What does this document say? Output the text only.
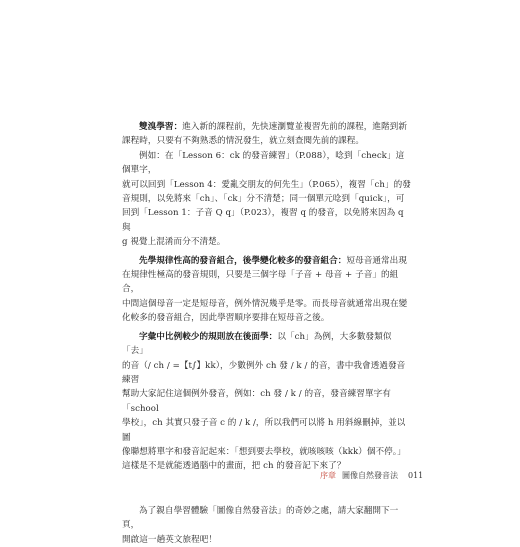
雙溴學習：進入新的課程前，先快速瀏覽並複習先前的課程，進階到新
課程時，只要有不夠熟悉的情況發生，就立刻查閱先前的課程。

例如：在「Lesson 6：ck 的發音練習」（P.088），唸到「check」這個單字，
就可以回到「Lesson 4：愛亂交朋友的何先生」（P.065），複習「ch」的發
音規則，以免將來「ch」、「ck」分不清楚；同一個單元唸到「quick」，可
回到「Lesson 1：子音 Q q」（P.023），複習 q 的發音，以免將來因為 q 與
g 視覺上混淆而分不清楚。

先學規律性高的發音組合，後學變化較多的發音組合：短母音通常出現
在規律性極高的發音規則，只要是三個字母「子音 + 母音 + 子音」的組合，
中間這個母音一定是短母音，例外情況幾乎是零。而長母音就通常出現在變
化較多的發音組合，因此學習順序要排在短母音之後。

字彙中比例較少的規則放在後面學：以「ch」為例，大多數發類似「去」
的音（/ ch / =【t∫】kk），少數例外 ch 發 / k / 的音，書中我會透過發音練習
幫助大家記住這個例外發音，例如：ch 發 / k / 的音，發音練習單字有「school
學校」，ch 其實只發子音 c 的 / k /，所以我們可以將 h 用斜線刪掉，並以圖
像聯想將單字和發音記起來：「想到要去學校，就咳咳咳（kkk）個不停。」
這樣是不是就能透過腦中的畫面，把 ch 的發音記下來了？

為了親自學習體驗「圖像自然發音法」的奇妙之處，請大家翻開下一頁，
開啟這一趟英文旅程吧！

序章 圖像自然發音法 011
